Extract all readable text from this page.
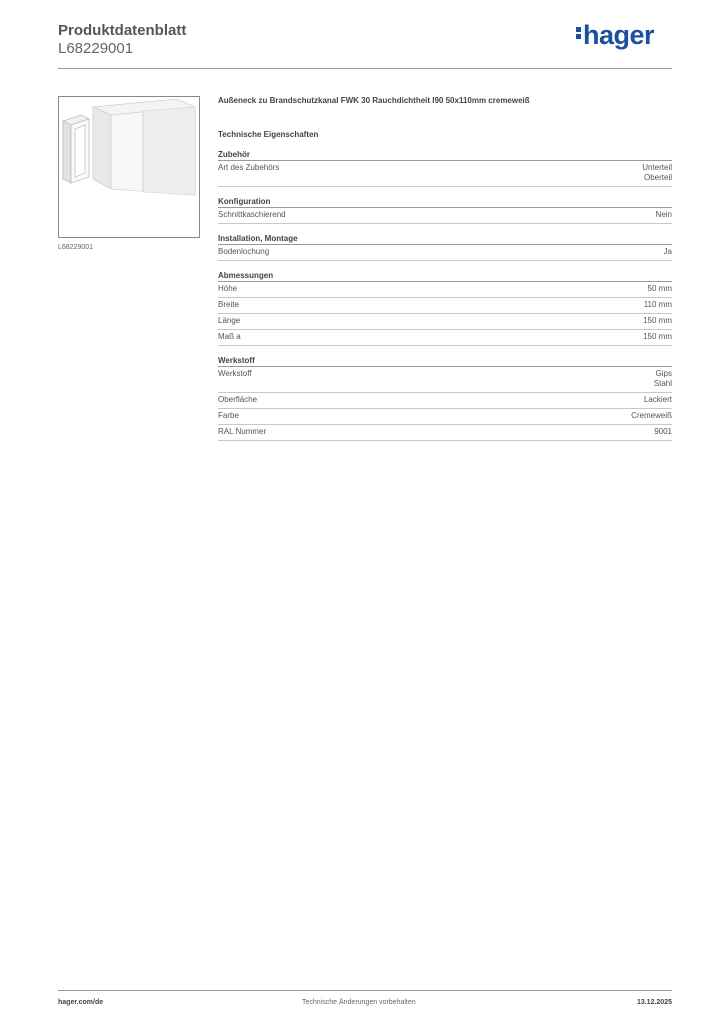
Produktdatenblatt
L68229001	hager
L68229001
Außeneck zu Brandschutzkanal FWK 30 Rauchdichtheit I90 50x110mm cremeweiß
Technische Eigenschaften
Zubehör
Art des Zubehörs	Unterteil
Oberteil
Konfiguration
Schnittkaschierend	Nein
Installation, Montage
Bodenlochung	Ja
Abmessungen
Höhe	50 mm
Breite	110 mm
Länge	150 mm
Maß a	150 mm
Werkstoff
Werkstoff	Gips
Stahl
Oberfläche	Lackiert
Farbe	Cremeweiß
RAL Nummer	9001
hager.com/de	Technische Änderungen vorbehalten	13.12.2025
